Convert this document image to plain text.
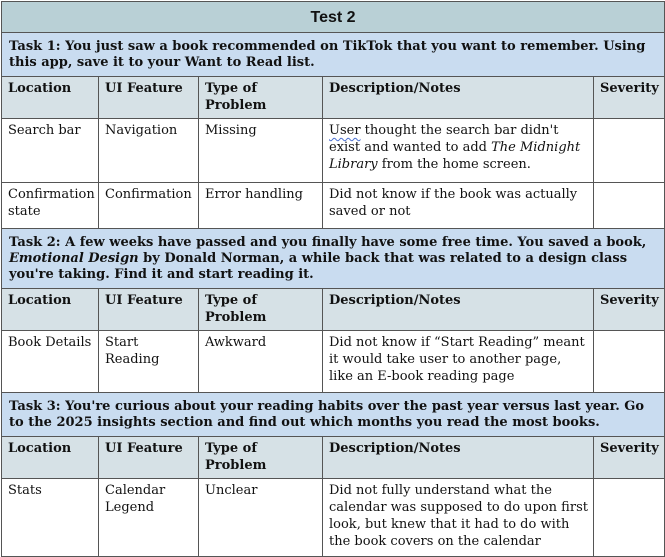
Test 2				
Task 1: You just saw a book recommended on TikTok that you want to remember. Using this app, save it to your Want to Read list.				
Location	UI Feature	Type of Problem	Description/Notes	Severity
Search bar	Navigation	Missing	User thought the search bar didn't exist and wanted to add The Midnight Library from the home screen.	
Confirmation state	Confirmation	Error handling	Did not know if the book was actually saved or not	
Task 2: A few weeks have passed and you finally have some free time. You saved a book, Emotional Design by Donald Norman, a while back that was related to a design class you're taking. Find it and start reading it.				
Location	UI Feature	Type of Problem	Description/Notes	Severity
Book Details	Start Reading	Awkward	Did not know if “Start Reading” meant it would take user to another page, like an E-book reading page	
Task 3: You're curious about your reading habits over the past year versus last year. Go to the 2025 insights section and find out which months you read the most books.				
Location	UI Feature	Type of Problem	Description/Notes	Severity
Stats	Calendar Legend	Unclear	Did not fully understand what the calendar was supposed to do upon first look, but knew that it had to do with the book covers on the calendar	
